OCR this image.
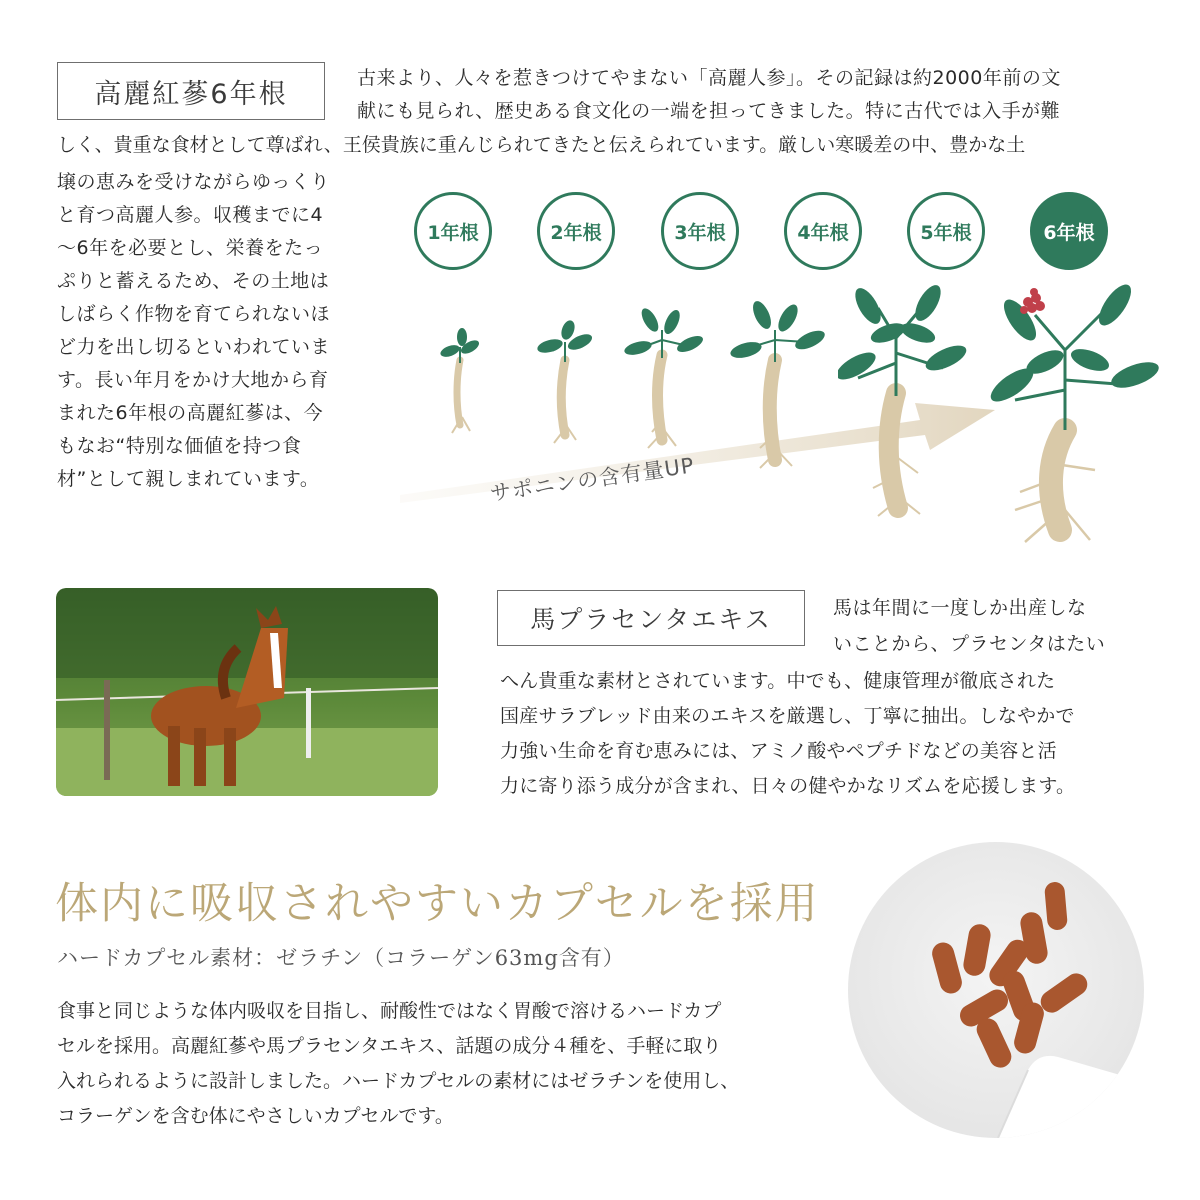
高麗紅蔘6年根

古来より、人々を惹きつけてやまない「高麗人参」。その記録は約2000年前の文

献にも見られ、歴史ある食文化の一端を担ってきました。特に古代では入手が難

しく、貴重な食材として尊ばれ、王侯貴族に重んじられてきたと伝えられています。厳しい寒暖差の中、豊かな土

壌の恵みを受けながらゆっくり

と育つ高麗人参。収穫までに4

〜6年を必要とし、栄養をたっ

ぷりと蓄えるため、その土地は

しばらく作物を育てられないほ

ど力を出し切るといわれていま

す。長い年月をかけ大地から育

まれた6年根の高麗紅蔘は、今

もなお“特別な価値を持つ食

材”として親しまれています。	サポニンの含有量UP
1年根	2年根	3年根	4年根	5年根	6年根
馬プラセンタエキス	馬は年間に一度しか出産しな

いことから、プラセンタはたい

へん貴重な素材とされています。中でも、健康管理が徹底された

国産サラブレッド由来のエキスを厳選し、丁寧に抽出。しなやかで

力強い生命を育む恵みには、アミノ酸やペプチドなどの美容と活

力に寄り添う成分が含まれ、日々の健やかなリズムを応援します。

体内に吸収されやすいカプセルを採用
ハードカプセル素材：ゼラチン（コラーゲン63mg含有）

食事と同じような体内吸収を目指し、耐酸性ではなく胃酸で溶けるハードカプ

セルを採用。高麗紅蔘や馬プラセンタエキス、話題の成分４種を、手軽に取り

入れられるように設計しました。ハードカプセルの素材にはゼラチンを使用し、

コラーゲンを含む体にやさしいカプセルです。
